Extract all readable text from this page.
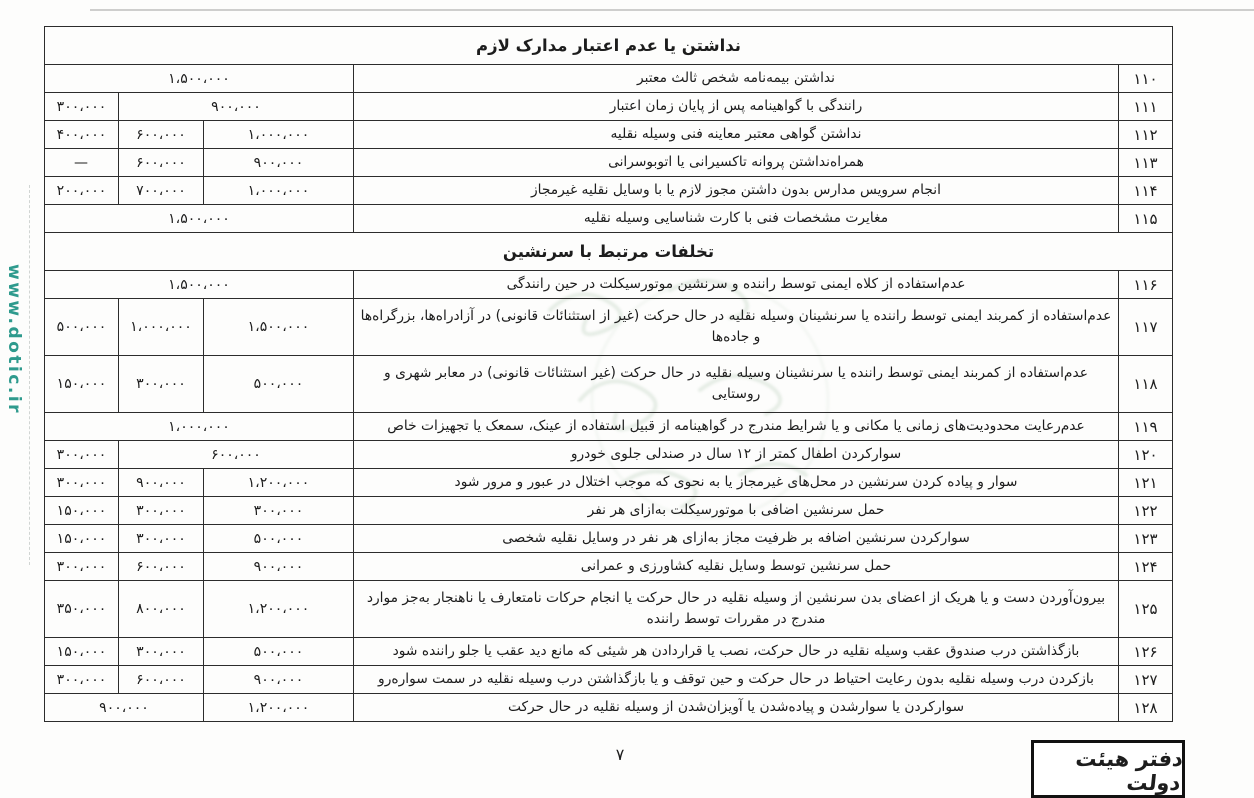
www.dotic.ir
نداشتن یا عدم اعتبار مدارک لازم				
۱۱۰	نداشتن بیمه‌نامه شخص ثالث معتبر	۱،۵۰۰،۰۰۰		
۱۱۱	رانندگی با گواهینامه پس از پایان زمان اعتبار	۹۰۰،۰۰۰		۳۰۰،۰۰۰
۱۱۲	نداشتن گواهی معتبر معاینه فنی وسیله نقلیه	۱،۰۰۰،۰۰۰	۶۰۰،۰۰۰	۴۰۰،۰۰۰
۱۱۳	همراه‌نداشتن پروانه تاکسیرانی یا اتوبوسرانی	۹۰۰،۰۰۰	۶۰۰،۰۰۰	—
۱۱۴	انجام سرویس مدارس بدون داشتن مجوز لازم یا با وسایل نقلیه غیرمجاز	۱،۰۰۰،۰۰۰	۷۰۰،۰۰۰	۲۰۰،۰۰۰
۱۱۵	مغایرت مشخصات فنی با کارت شناسایی وسیله نقلیه	۱،۵۰۰،۰۰۰		
تخلفات مرتبط با سرنشین				
۱۱۶	عدم‌استفاده از کلاه ایمنی توسط راننده و سرنشین موتورسیکلت در حین رانندگی	۱،۵۰۰،۰۰۰		
۱۱۷	عدم‌استفاده از کمربند ایمنی توسط راننده یا سرنشینان وسیله نقلیه در حال حرکت (غیر از استثنائات قانونی) در آزادراه‌ها، بزرگراه‌ها و جاده‌ها	۱،۵۰۰،۰۰۰	۱،۰۰۰،۰۰۰	۵۰۰،۰۰۰
۱۱۸	عدم‌استفاده از کمربند ایمنی توسط راننده یا سرنشینان وسیله نقلیه در حال حرکت (غیر استثنائات قانونی) در معابر شهری و روستایی	۵۰۰،۰۰۰	۳۰۰،۰۰۰	۱۵۰،۰۰۰
۱۱۹	عدم‌رعایت محدودیت‌های زمانی یا مکانی و یا شرایط مندرج در گواهینامه از قبیل استفاده از عینک، سمعک یا تجهیزات خاص	۱،۰۰۰،۰۰۰		
۱۲۰	سوارکردن اطفال کمتر از ۱۲ سال در صندلی جلوی خودرو	۶۰۰،۰۰۰		۳۰۰،۰۰۰
۱۲۱	سوار و پیاده کردن سرنشین در محل‌های غیرمجاز یا به نحوی که موجب اختلال در عبور و مرور شود	۱،۲۰۰،۰۰۰	۹۰۰،۰۰۰	۳۰۰،۰۰۰
۱۲۲	حمل سرنشین اضافی با موتورسیکلت به‌ازای هر نفر	۳۰۰،۰۰۰	۳۰۰،۰۰۰	۱۵۰،۰۰۰
۱۲۳	سوارکردن سرنشین اضافه بر ظرفیت مجاز به‌ازای هر نفر در وسایل نقلیه شخصی	۵۰۰،۰۰۰	۳۰۰،۰۰۰	۱۵۰،۰۰۰
۱۲۴	حمل سرنشین توسط وسایل نقلیه کشاورزی و عمرانی	۹۰۰،۰۰۰	۶۰۰،۰۰۰	۳۰۰،۰۰۰
۱۲۵	بیرون‌آوردن دست و یا هریک از اعضای بدن سرنشین از وسیله نقلیه در حال حرکت یا انجام حرکات نامتعارف یا ناهنجار به‌جز موارد مندرج در مقررات توسط راننده	۱،۲۰۰،۰۰۰	۸۰۰،۰۰۰	۳۵۰،۰۰۰
۱۲۶	بازگذاشتن درب صندوق عقب وسیله نقلیه در حال حرکت، نصب یا قراردادن هر شیئی که مانع دید عقب یا جلو راننده شود	۵۰۰،۰۰۰	۳۰۰،۰۰۰	۱۵۰،۰۰۰
۱۲۷	بازکردن درب وسیله نقلیه بدون رعایت احتیاط در حال حرکت و حین توقف و یا بازگذاشتن درب وسیله نقلیه در سمت سواره‌رو	۹۰۰،۰۰۰	۶۰۰،۰۰۰	۳۰۰،۰۰۰
۱۲۸	سوارکردن یا سوارشدن و پیاده‌شدن یا آویزان‌شدن از وسیله نقلیه در حال حرکت	۱،۲۰۰،۰۰۰	۹۰۰،۰۰۰	
۷	دفتر هیئت دولت
